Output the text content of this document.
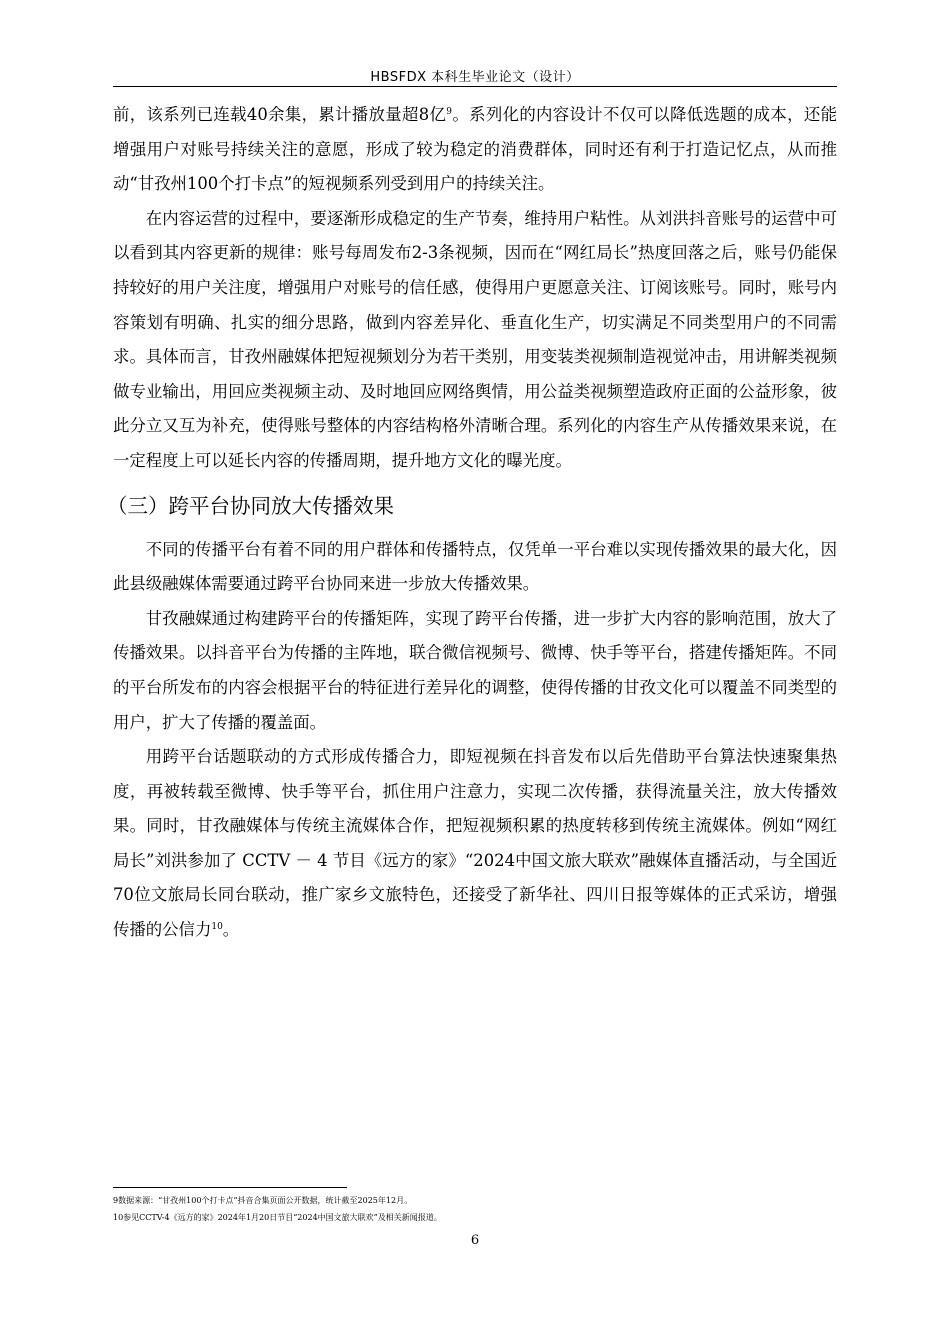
HBSFDX 本科生毕业论文（设计）

前，该系列已连载40余集，累计播放量超8亿$^9$。系列化的内容设计不仅可以降低选题的成本，还能增强用户对账号持续关注的意愿，形成了较为稳定的消费群体，同时还有利于打造记忆点，从而推动“甘孜州100个打卡点”的短视频系列受到用户的持续关注。

在内容运营的过程中，要逐渐形成稳定的生产节奏，维持用户粘性。从刘洪抖音账号的运营中可以看到其内容更新的规律：账号每周发布2-3条视频，因而在“网红局长”热度回落之后，账号仍能保持较好的用户关注度，增强用户对账号的信任感，使得用户更愿意关注、订阅该账号。同时，账号内容策划有明确、扎实的细分思路，做到内容差异化、垂直化生产，切实满足不同类型用户的不同需求。具体而言，甘孜州融媒体把短视频划分为若干类别，用变装类视频制造视觉冲击，用讲解类视频做专业输出，用回应类视频主动、及时地回应网络舆情，用公益类视频塑造政府正面的公益形象，彼此分立又互为补充，使得账号整体的内容结构格外清晰合理。系列化的内容生产从传播效果来说，在一定程度上可以延长内容的传播周期，提升地方文化的曝光度。

（三）跨平台协同放大传播效果

不同的传播平台有着不同的用户群体和传播特点，仅凭单一平台难以实现传播效果的最大化，因此县级融媒体需要通过跨平台协同来进一步放大传播效果。

甘孜融媒通过构建跨平台的传播矩阵，实现了跨平台传播，进一步扩大内容的影响范围，放大了传播效果。以抖音平台为传播的主阵地，联合微信视频号、微博、快手等平台，搭建传播矩阵。不同的平台所发布的内容会根据平台的特征进行差异化的调整，使得传播的甘孜文化可以覆盖不同类型的用户，扩大了传播的覆盖面。

用跨平台话题联动的方式形成传播合力，即短视频在抖音发布以后先借助平台算法快速聚集热度，再被转载至微博、快手等平台，抓住用户注意力，实现二次传播，获得流量关注，放大传播效果。同时，甘孜融媒体与传统主流媒体合作，把短视频积累的热度转移到传统主流媒体。例如“网红局长”刘洪参加了 CCTV － 4 节目《远方的家》“2024中国文旅大联欢”融媒体直播活动，与全国近70位文旅局长同台联动，推广家乡文旅特色，还接受了新华社、四川日报等媒体的正式采访，增强传播的公信力$^{10}$。

9数据来源：“甘孜州100个打卡点”抖音合集页面公开数据，统计截至2025年12月。

10参见CCTV-4《远方的家》2024年1月20日节目“2024中国文旅大联欢”及相关新闻报道。

6
